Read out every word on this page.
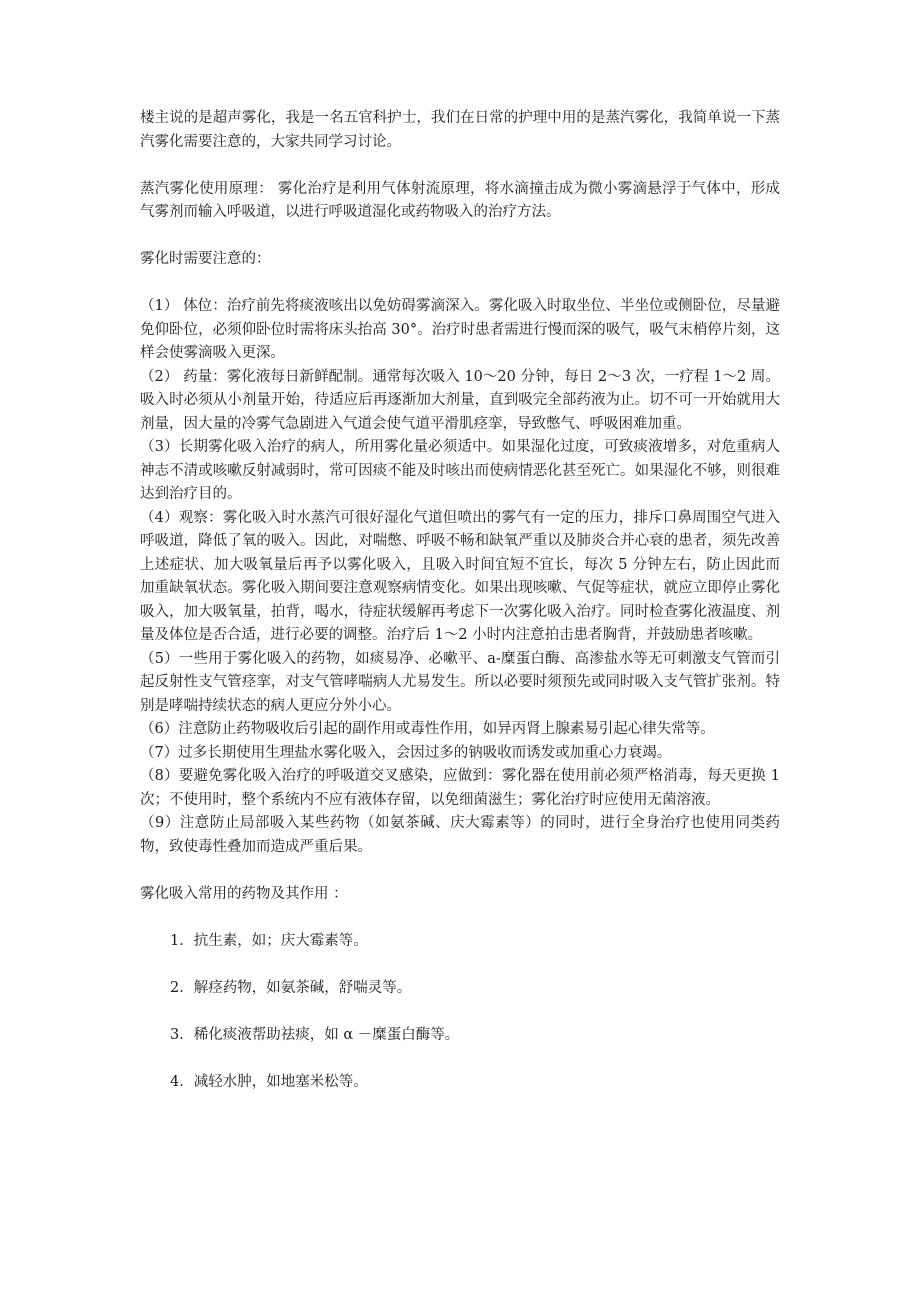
楼主说的是超声雾化，我是一名五官科护士，我们在日常的护理中用的是蒸汽雾化，我简单说一下蒸汽雾化需要注意的，大家共同学习讨论。

蒸汽雾化使用原理： 雾化治疗是利用气体射流原理，将水滴撞击成为微小雾滴悬浮于气体中，形成气雾剂而输入呼吸道，以进行呼吸道湿化或药物吸入的治疗方法。

雾化时需要注意的：

（1） 体位：治疗前先将痰液咳出以免妨碍雾滴深入。雾化吸入时取坐位、半坐位或侧卧位，尽量避免仰卧位，必须仰卧位时需将床头抬高 30°。治疗时患者需进行慢而深的吸气，吸气末梢停片刻，这样会使雾滴吸入更深。

（2） 药量：雾化液每日新鲜配制。通常每次吸入 10～20 分钟，每日 2～3 次，一疗程 1～2 周。吸入时必须从小剂量开始，待适应后再逐渐加大剂量，直到吸完全部药液为止。切不可一开始就用大剂量，因大量的冷雾气急剧进入气道会使气道平滑肌痉挛，导致憋气、呼吸困难加重。

（3）长期雾化吸入治疗的病人，所用雾化量必须适中。如果湿化过度，可致痰液增多，对危重病人神志不清或咳嗽反射减弱时，常可因痰不能及时咳出而使病情恶化甚至死亡。如果湿化不够，则很难达到治疗目的。

（4）观察：雾化吸入时水蒸汽可很好湿化气道但喷出的雾气有一定的压力，排斥口鼻周围空气进入呼吸道，降低了氧的吸入。因此，对喘憋、呼吸不畅和缺氧严重以及肺炎合并心衰的患者，须先改善上述症状、加大吸氧量后再予以雾化吸入，且吸入时间宜短不宜长，每次 5 分钟左右，防止因此而加重缺氧状态。雾化吸入期间要注意观察病情变化。如果出现咳嗽、气促等症状，就应立即停止雾化吸入，加大吸氧量，拍背，喝水，待症状缓解再考虑下一次雾化吸入治疗。同时检查雾化液温度、剂量及体位是否合适，进行必要的调整。治疗后 1～2 小时内注意拍击患者胸背，并鼓励患者咳嗽。

（5）一些用于雾化吸入的药物，如痰易净、必嗽平、a-糜蛋白酶、高渗盐水等无可刺激支气管而引起反射性支气管痉挛，对支气管哮喘病人尤易发生。所以必要时须预先或同时吸入支气管扩张剂。特别是哮喘持续状态的病人更应分外小心。

（6）注意防止药物吸收后引起的副作用或毒性作用，如异丙肾上腺素易引起心律失常等。

（7）过多长期使用生理盐水雾化吸入，会因过多的钠吸收而诱发或加重心力衰竭。

（8）要避免雾化吸入治疗的呼吸道交叉感染，应做到：雾化器在使用前必须严格消毒，每天更换 1 次；不使用时，整个系统内不应有液体存留，以免细菌滋生；雾化治疗时应使用无菌溶液。

（9）注意防止局部吸入某些药物（如氨茶碱、庆大霉素等）的同时，进行全身治疗也使用同类药物，致使毒性叠加而造成严重后果。

雾化吸入常用的药物及其作用 ：

1．抗生素，如；庆大霉素等。

2．解痉药物，如氨茶碱，舒喘灵等。

3．稀化痰液帮助祛痰，如 α －糜蛋白酶等。

4．减轻水肿，如地塞米松等。
